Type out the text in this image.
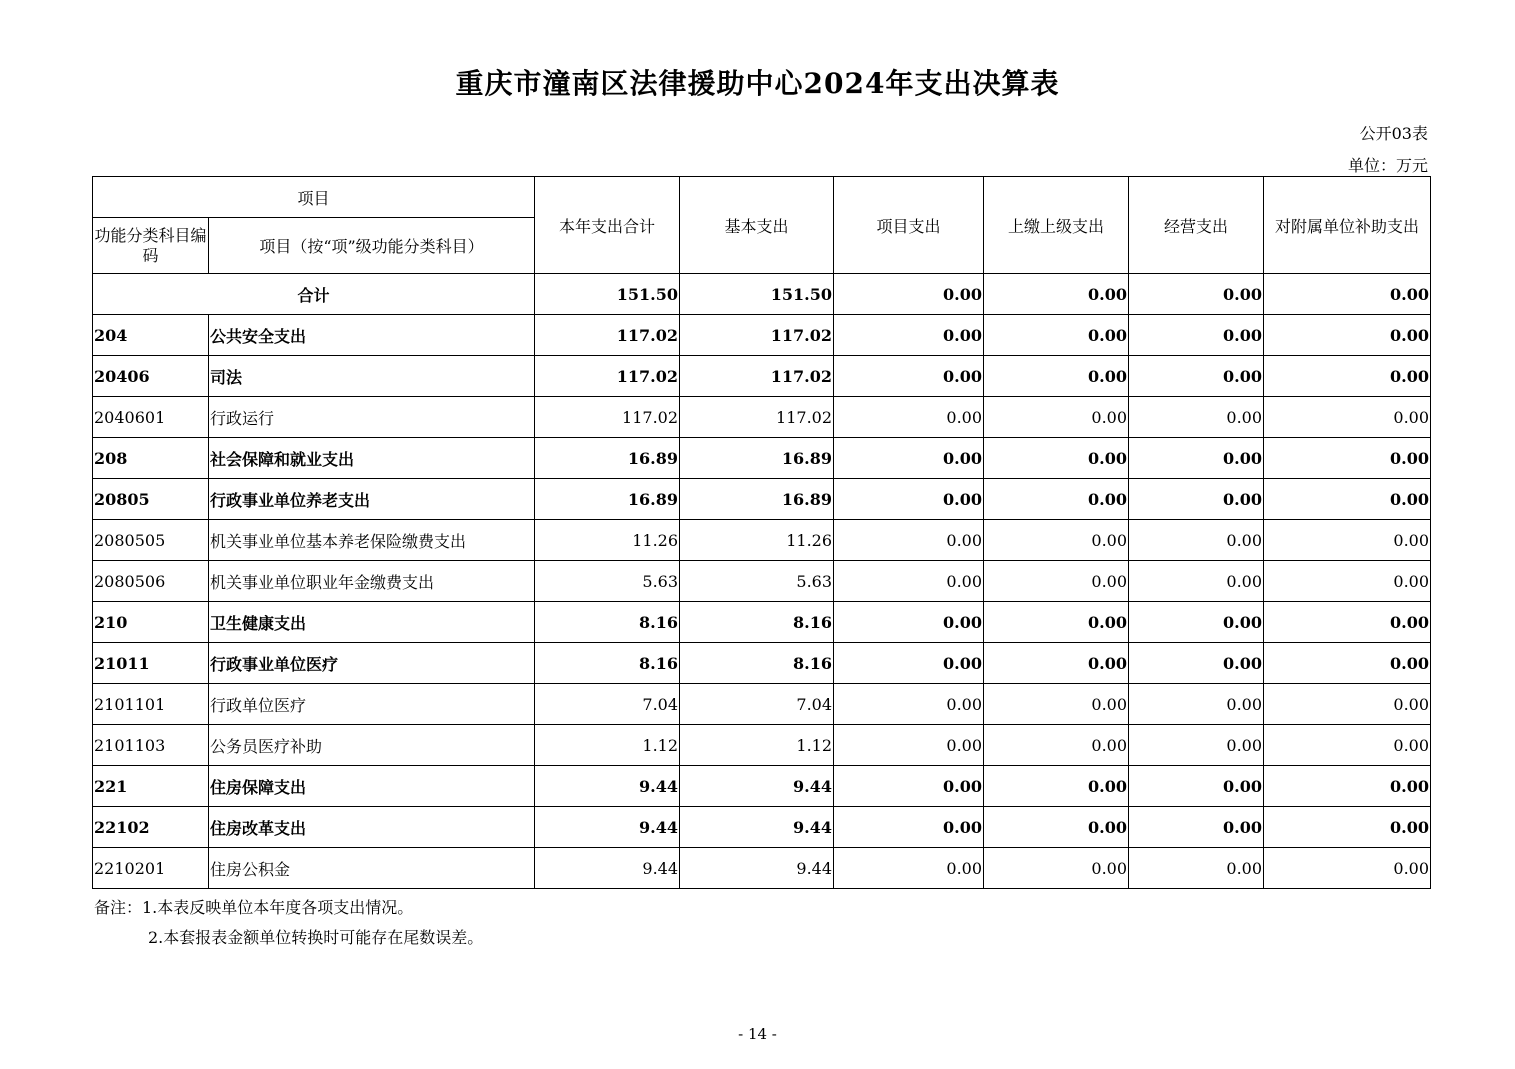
重庆市潼南区法律援助中心2024年支出决算表
公开03表
单位：万元
项目		本年支出合计	基本支出	项目支出	上缴上级支出	经营支出	对附属单位补助支出
功能分类科目编码	项目（按“项”级功能分类科目）						
合计		151.50	151.50	0.00	0.00	0.00	0.00
204	公共安全支出	117.02	117.02	0.00	0.00	0.00	0.00
20406	司法	117.02	117.02	0.00	0.00	0.00	0.00
2040601	行政运行	117.02	117.02	0.00	0.00	0.00	0.00
208	社会保障和就业支出	16.89	16.89	0.00	0.00	0.00	0.00
20805	行政事业单位养老支出	16.89	16.89	0.00	0.00	0.00	0.00
2080505	机关事业单位基本养老保险缴费支出	11.26	11.26	0.00	0.00	0.00	0.00
2080506	机关事业单位职业年金缴费支出	5.63	5.63	0.00	0.00	0.00	0.00
210	卫生健康支出	8.16	8.16	0.00	0.00	0.00	0.00
21011	行政事业单位医疗	8.16	8.16	0.00	0.00	0.00	0.00
2101101	行政单位医疗	7.04	7.04	0.00	0.00	0.00	0.00
2101103	公务员医疗补助	1.12	1.12	0.00	0.00	0.00	0.00
221	住房保障支出	9.44	9.44	0.00	0.00	0.00	0.00
22102	住房改革支出	9.44	9.44	0.00	0.00	0.00	0.00
2210201	住房公积金	9.44	9.44	0.00	0.00	0.00	0.00
备注：1.本表反映单位本年度各项支出情况。
2.本套报表金额单位转换时可能存在尾数误差。
- 14 -
